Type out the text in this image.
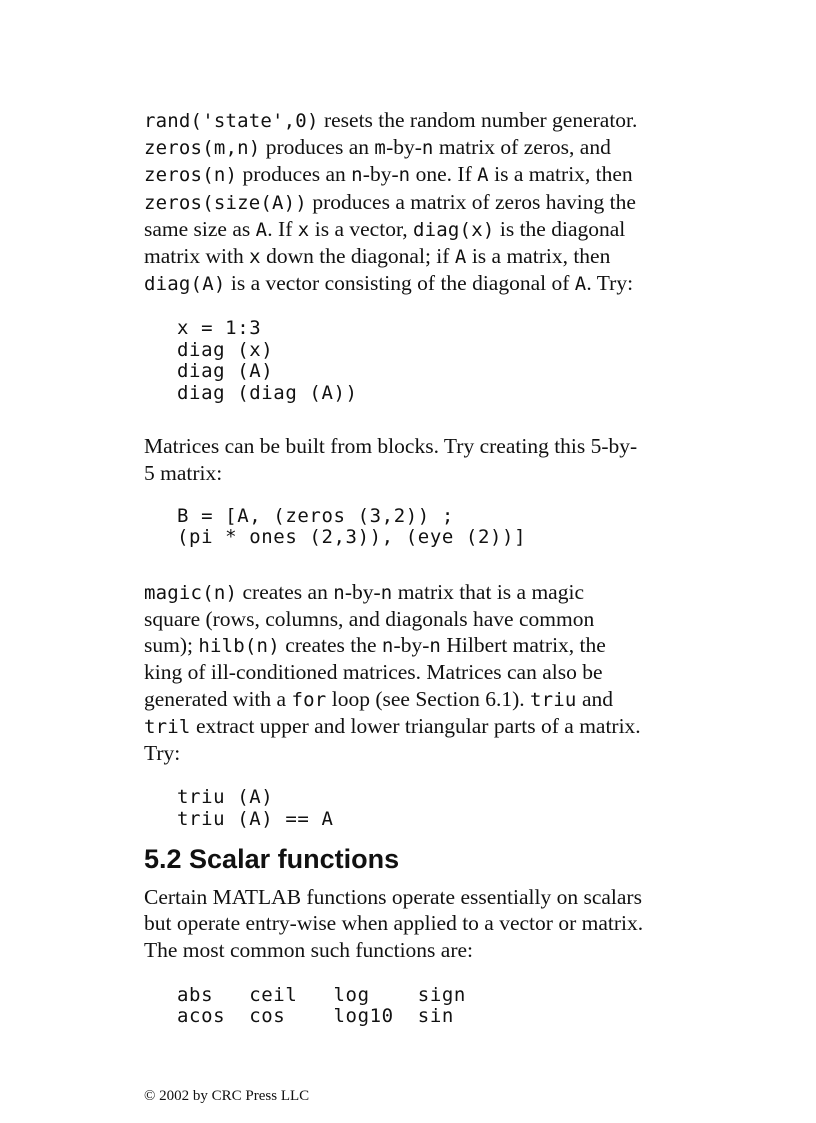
rand('state',0) resets the random number generator.
zeros(m,n) produces an m-by-n matrix of zeros, and
zeros(n) produces an n-by-n one. If A is a matrix, then
zeros(size(A)) produces a matrix of zeros having the
same size as A. If x is a vector, diag(x) is the diagonal
matrix with x down the diagonal; if A is a matrix, then
diag(A) is a vector consisting of the diagonal of A. Try:

x = 1:3
diag (x)
diag (A)
diag (diag (A))

Matrices can be built from blocks. Try creating this 5-by-
5 matrix:

B = [A, (zeros (3,2)) ;
(pi * ones (2,3)), (eye (2))]

magic(n) creates an n-by-n matrix that is a magic
square (rows, columns, and diagonals have common
sum); hilb(n) creates the n-by-n Hilbert matrix, the
king of ill-conditioned matrices. Matrices can also be
generated with a for loop (see Section 6.1). triu and
tril extract upper and lower triangular parts of a matrix.
Try:

triu (A)
triu (A) == A
5.2 Scalar functions

Certain MATLAB functions operate essentially on scalars
but operate entry-wise when applied to a vector or matrix.
The most common such functions are:

abs   ceil   log    sign
acos  cos    log10  sin
© 2002 by CRC Press LLC
